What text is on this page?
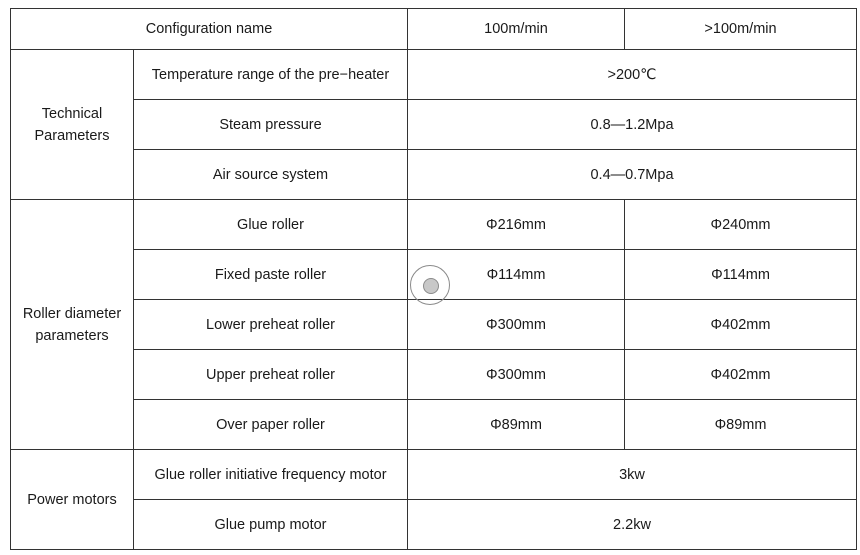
Configuration name		100m/min	>100m/min
Technical
Parameters	Temperature range of the pre−heater	>200℃	
	Steam pressure	0.8—1.2Mpa	
	Air source system	0.4—0.7Mpa	
Roller diameter
parameters	Glue roller	Φ216mm	Φ240mm
	Fixed paste roller	Φ114mm	Φ114mm
	Lower preheat roller	Φ300mm	Φ402mm
	Upper preheat roller	Φ300mm	Φ402mm
	Over paper roller	Φ89mm	Φ89mm
Power motors	Glue roller initiative frequency motor	3kw	
	Glue pump motor	2.2kw	
